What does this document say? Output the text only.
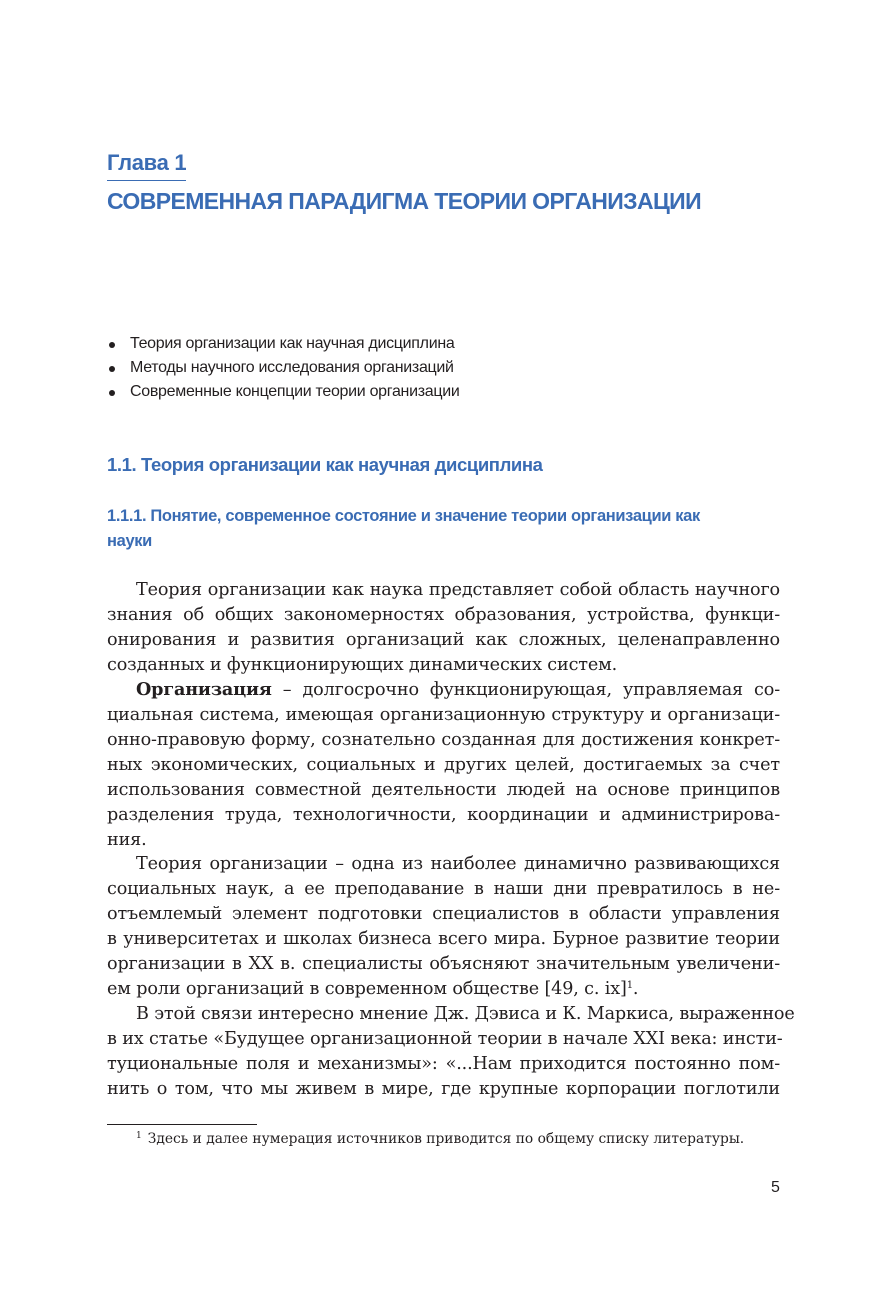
Глава 1
СОВРЕМЕННАЯ ПАРАДИГМА ТЕОРИИ ОРГАНИЗАЦИИ
Теория организации как научная дисциплина
Методы научного исследования организаций
Современные концепции теории организации
1.1. Теория организации как научная дисциплина
1.1.1. Понятие, современное состояние и значение теории организации как науки

Теория организации как наука представляет собой область научного
знания об общих закономерностях образования, устройства, функци-
онирования и развития организаций как сложных, целенаправленно
созданных и функционирующих динамических систем.

Организация – долгосрочно функционирующая, управляемая со-
циальная система, имеющая организационную структуру и организаци-
онно-правовую форму, сознательно созданная для достижения конкрет-
ных экономических, социальных и других целей, достигаемых за счет
использования совместной деятельности людей на основе принципов
разделения труда, технологичности, координации и администрирова-
ния.

Теория организации – одна из наиболее динамично развивающихся
социальных наук, а ее преподавание в наши дни превратилось в не-
отъемлемый элемент подготовки специалистов в области управления
в университетах и школах бизнеса всего мира. Бурное развитие теории
организации в XX в. специалисты объясняют значительным увеличени-
ем роли организаций в современном обществе [49, с. ix]$^1$.

В этой связи интересно мнение Дж. Дэвиса и К. Маркиса, выраженное
в их статье «Будущее организационной теории в начале XXI века: инсти-
туциональные поля и механизмы»: «...Нам приходится постоянно пом-
нить о том, что мы живем в мире, где крупные корпорации поглотили

$^1$ Здесь и далее нумерация источников приводится по общему списку литературы.
5
